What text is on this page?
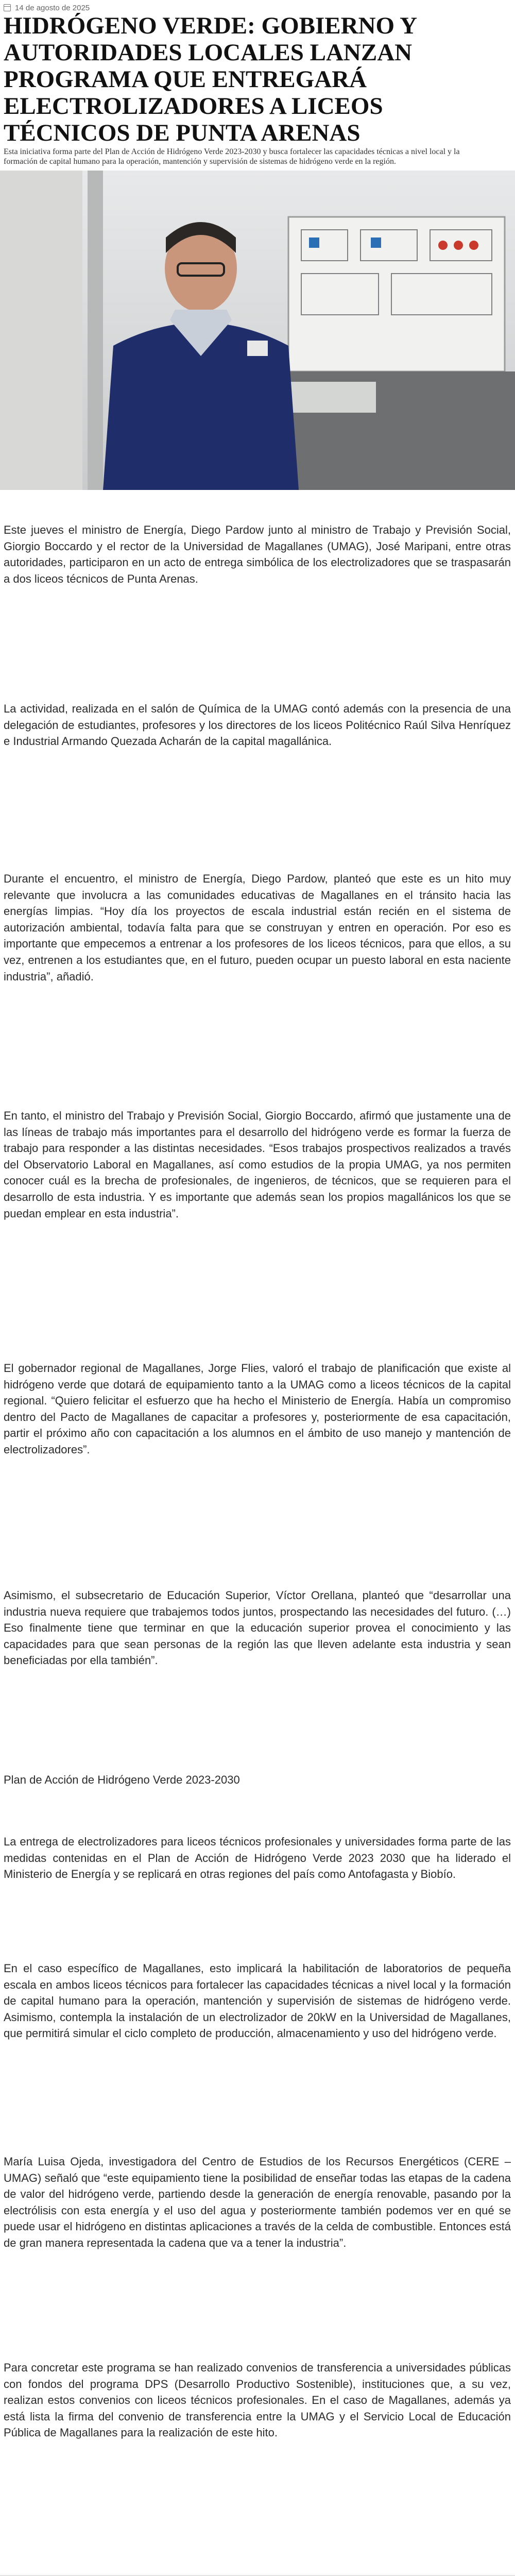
14 de agosto de 2025
HIDRÓGENO VERDE: GOBIERNO Y AUTORIDADES LOCALES LANZAN PROGRAMA QUE ENTREGARÁ ELECTROLIZADORES A LICEOS TÉCNICOS DE PUNTA ARENAS

Esta iniciativa forma parte del Plan de Acción de Hidrógeno Verde 2023-2030 y busca fortalecer las capacidades técnicas a nivel local y la formación de capital humano para la operación, mantención y supervisión de sistemas de hidrógeno verde en la región.

Este jueves el ministro de Energía, Diego Pardow junto al ministro de Trabajo y Previsión Social, Giorgio Boccardo y el rector de la Universidad de Magallanes (UMAG), José Maripani, entre otras autoridades, participaron en un acto de entrega simbólica de los electrolizadores que se traspasarán a dos liceos técnicos de Punta Arenas.

La actividad, realizada en el salón de Química de la UMAG contó además con la presencia de una delegación de estudiantes, profesores y los directores de los liceos Politécnico Raúl Silva Henríquez e Industrial Armando Quezada Acharán de la capital magallánica.

Durante el encuentro, el ministro de Energía, Diego Pardow, planteó que este es un hito muy relevante que involucra a las comunidades educativas de Magallanes en el tránsito hacia las energías limpias. “Hoy día los proyectos de escala industrial están recién en el sistema de autorización ambiental, todavía falta para que se construyan y entren en operación. Por eso es importante que empecemos a entrenar a los profesores de los liceos técnicos, para que ellos, a su vez, entrenen a los estudiantes que, en el futuro, pueden ocupar un puesto laboral en esta naciente industria”, añadió.

En tanto, el ministro del Trabajo y Previsión Social, Giorgio Boccardo, afirmó que justamente una de las líneas de trabajo más importantes para el desarrollo del hidrógeno verde es formar la fuerza de trabajo para responder a las distintas necesidades. “Esos trabajos prospectivos realizados a través del Observatorio Laboral en Magallanes, así como estudios de la propia UMAG, ya nos permiten conocer cuál es la brecha de profesionales, de ingenieros, de técnicos, que se requieren para el desarrollo de esta industria. Y es importante que además sean los propios magallánicos los que se puedan emplear en esta industria”.

El gobernador regional de Magallanes, Jorge Flies, valoró el trabajo de planificación que existe al hidrógeno verde que dotará de equipamiento tanto a la UMAG como a liceos técnicos de la capital regional. “Quiero felicitar el esfuerzo que ha hecho el Ministerio de Energía. Había un compromiso dentro del Pacto de Magallanes de capacitar a profesores y, posteriormente de esa capacitación, partir el próximo año con capacitación a los alumnos en el ámbito de uso manejo y mantención de electrolizadores”.

Asimismo, el subsecretario de Educación Superior, Víctor Orellana, planteó que “desarrollar una industria nueva requiere que trabajemos todos juntos, prospectando las necesidades del futuro. (…) Eso finalmente tiene que terminar en que la educación superior provea el conocimiento y las capacidades para que sean personas de la región las que lleven adelante esta industria y sean beneficiadas por ella también”.

Plan de Acción de Hidrógeno Verde 2023-2030

La entrega de electrolizadores para liceos técnicos profesionales y universidades forma parte de las medidas contenidas en el Plan de Acción de Hidrógeno Verde 2023 2030 que ha liderado el Ministerio de Energía y se replicará en otras regiones del país como Antofagasta y Biobío.

En el caso específico de Magallanes, esto implicará la habilitación de laboratorios de pequeña escala en ambos liceos técnicos para fortalecer las capacidades técnicas a nivel local y la formación de capital humano para la operación, mantención y supervisión de sistemas de hidrógeno verde. Asimismo, contempla la instalación de un electrolizador de 20kW en la Universidad de Magallanes, que permitirá simular el ciclo completo de producción, almacenamiento y uso del hidrógeno verde.

María Luisa Ojeda, investigadora del Centro de Estudios de los Recursos Energéticos (CERE – UMAG) señaló que “este equipamiento tiene la posibilidad de enseñar todas las etapas de la cadena de valor del hidrógeno verde, partiendo desde la generación de energía renovable, pasando por la electrólisis con esta energía y el uso del agua y posteriormente también podemos ver en qué se puede usar el hidrógeno en distintas aplicaciones a través de la celda de combustible. Entonces está de gran manera representada la cadena que va a tener la industria”.

Para concretar este programa se han realizado convenios de transferencia a universidades públicas con fondos del programa DPS (Desarrollo Productivo Sostenible), instituciones que, a su vez, realizan estos convenios con liceos técnicos profesionales. En el caso de Magallanes, además ya está lista la firma del convenio de transferencia entre la UMAG y el Servicio Local de Educación Pública de Magallanes para la realización de este hito.
